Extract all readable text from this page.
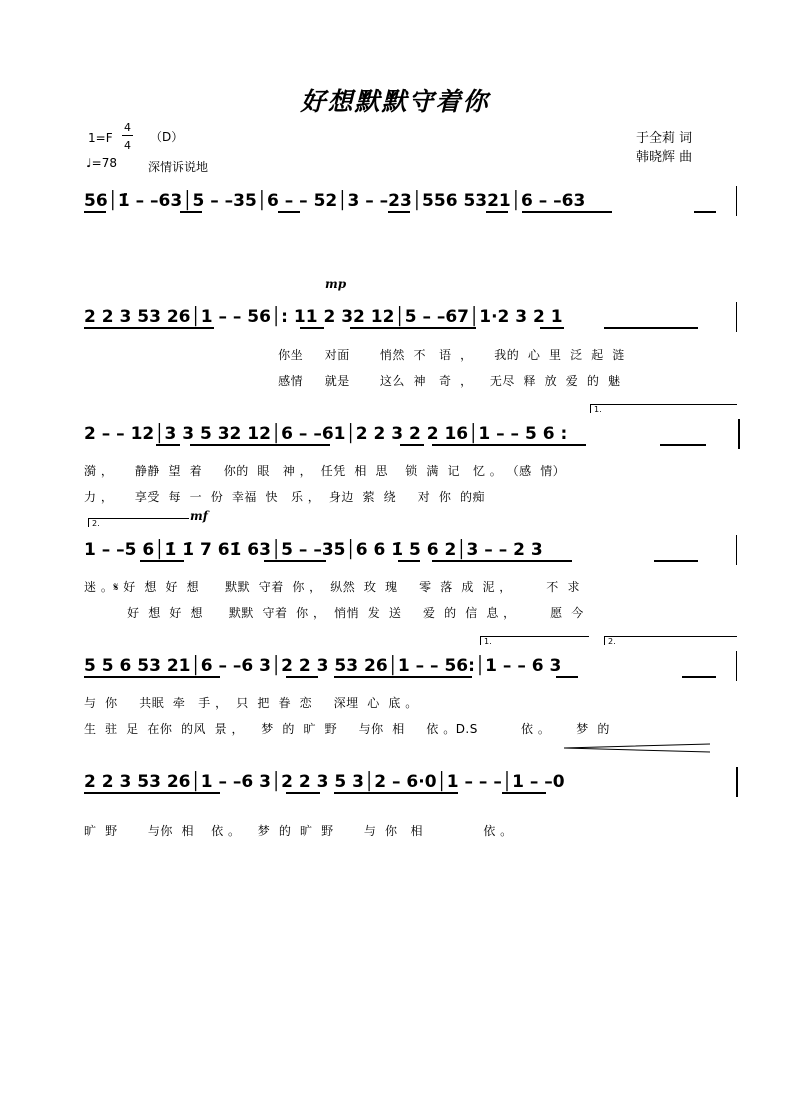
好想默默守着你
1=F
4
4
（D）
♩=78	深情诉说地
于全莉 词
韩晓辉 曲
56│1̇ – –63│5 – –35│6 – – 52│3 – –23│556 5321│6 – –63
mp
2 2 3 53 26│1 – – 56│: 11 2 32 12│5 – –67│1·2 3 2 1
你坐     对面       悄然  不   语  ，     我的  心  里  泛  起  涟
感情     就是       这么  神   奇  ，    无尽  释  放  爱  的  魅
1.
2 – – 12│3 3 5 32 12│6 – –61│2 2 3 2 2 16│1 – – 5 6 :
漪 ，     静静  望  着     你的  眼   神 ，  任凭  相  思    锁  满  记   忆 。 （感  情）
力 ，     享受  每  一  份  幸福  快   乐 ，  身边  萦  绕     对  你  的痴
2.
mf
1 – –5 6│1̇ 1̇ 7 61̇ 63│5 – –35│6 6 1̇ 5 6 2│3 – – 2 3
迷 。𝄋 好  想  好  想      默默  守着  你 ，  纵然  玫  瑰     零  落  成  泥 ，        不  求
好  想  好  想      默默  守着  你 ，  悄悄  发  送     爱  的  信  息 ，        愿  今
1.	2.
5 5 6 53 21│6 – –6 3│2 2 3 53 26│1 – – 56:│1 – – 6 3
与  你     共眠  牵   手 ，  只  把  眷  恋     深埋  心  底 。
生  驻  足  在你  的风  景 ，    梦  的  旷  野     与你  相     依 。D.S          依 。      梦  的
2 2 3 53 26│1 – –6 3│2 2 3 5 3│2 – 6·0│1 – – –│1 – –0
旷  野       与你  相    依 。    梦  的  旷  野       与  你   相              依 。
